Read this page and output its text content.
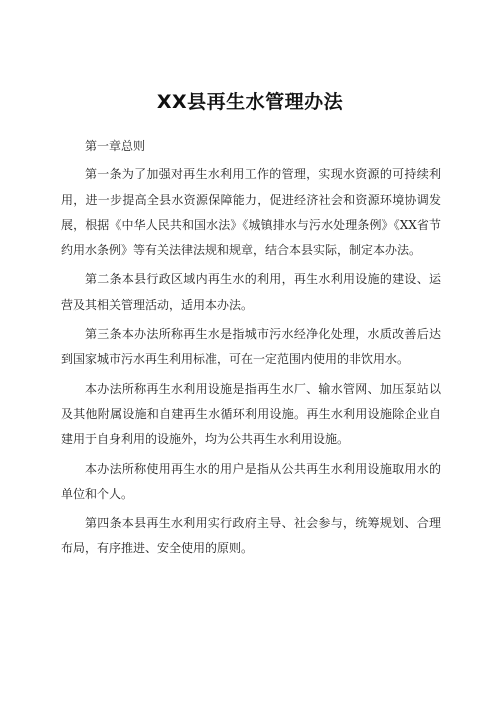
XX县再生水管理办法

第一章总则

第一条为了加强对再生水利用工作的管理，实现水资源的可持续利用，进一步提高全县水资源保障能力，促进经济社会和资源环境协调发展，根据《中华人民共和国水法》《城镇排水与污水处理条例》《XX省节约用水条例》等有关法律法规和规章，结合本县实际，制定本办法。

第二条本县行政区域内再生水的利用，再生水利用设施的建设、运营及其相关管理活动，适用本办法。

第三条本办法所称再生水是指城市污水经净化处理，水质改善后达到国家城市污水再生利用标准，可在一定范围内使用的非饮用水。

本办法所称再生水利用设施是指再生水厂、输水管网、加压泵站以及其他附属设施和自建再生水循环利用设施。再生水利用设施除企业自建用于自身利用的设施外，均为公共再生水利用设施。

本办法所称使用再生水的用户是指从公共再生水利用设施取用水的单位和个人。

第四条本县再生水利用实行政府主导、社会参与，统筹规划、合理布局，有序推进、安全使用的原则。
